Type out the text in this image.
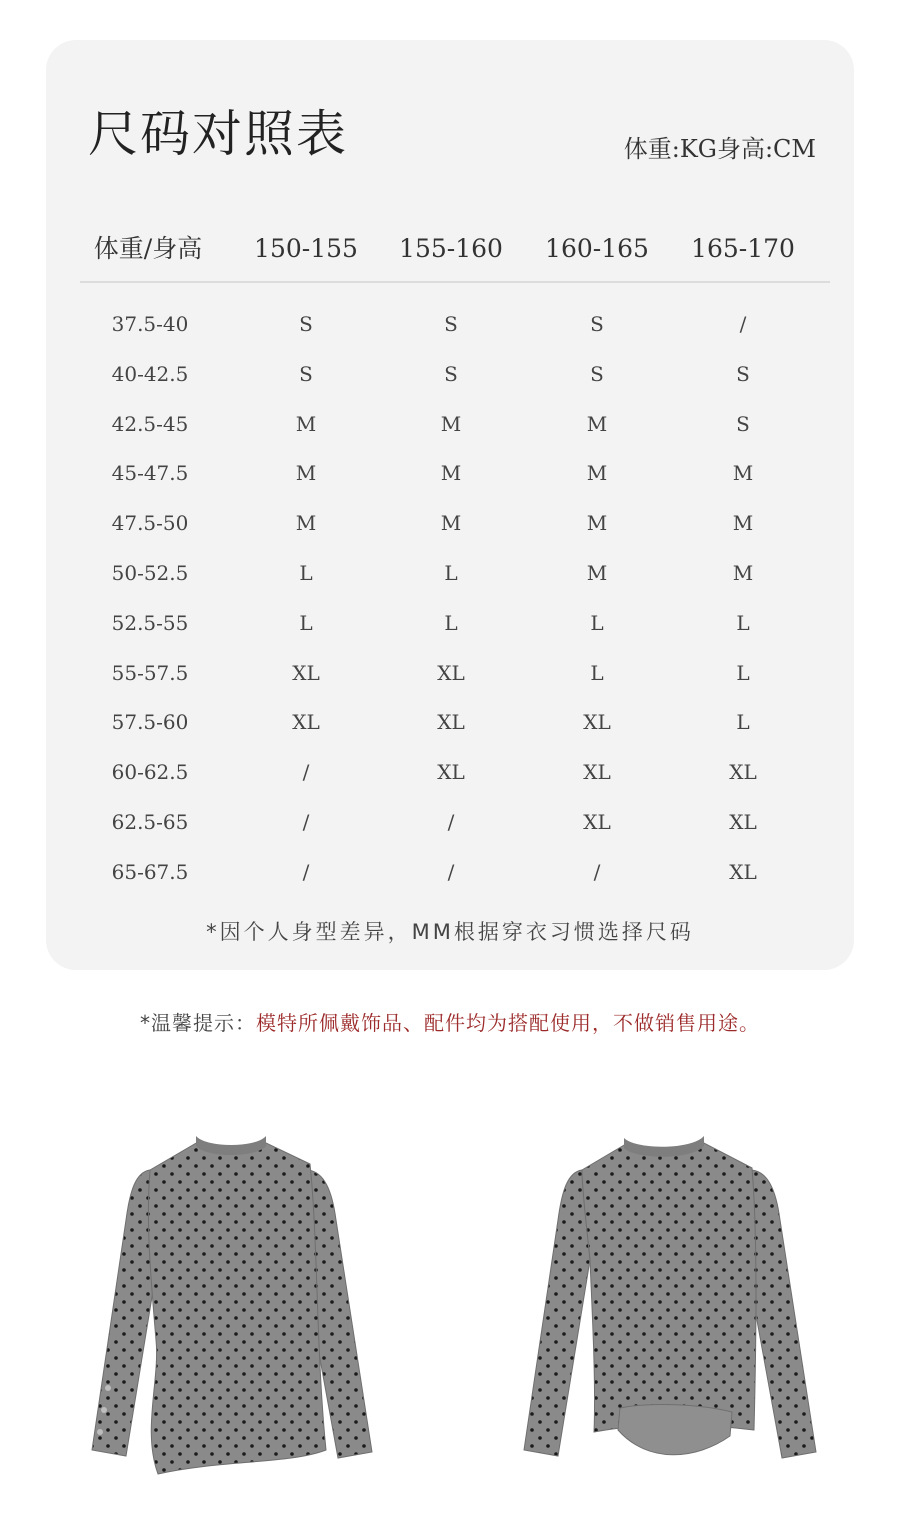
尺码对照表	体重:KG身高:CM
体重/身高 150-155 155-160 160-165 165-170
37.5-40	S	S	S	/
40-42.5	S	S	S	S
42.5-45	M	M	M	S
45-47.5	M	M	M	M
47.5-50	M	M	M	M
50-52.5	L	L	M	M
52.5-55	L	L	L	L
55-57.5	XL	XL	L	L
57.5-60	XL	XL	XL	L
60-62.5	/	XL	XL	XL
62.5-65	/	/	XL	XL
65-67.5	/	/	/	XL
*因个人身型差异，MM根据穿衣习惯选择尺码
*温馨提示：模特所佩戴饰品、配件均为搭配使用，不做销售用途。
